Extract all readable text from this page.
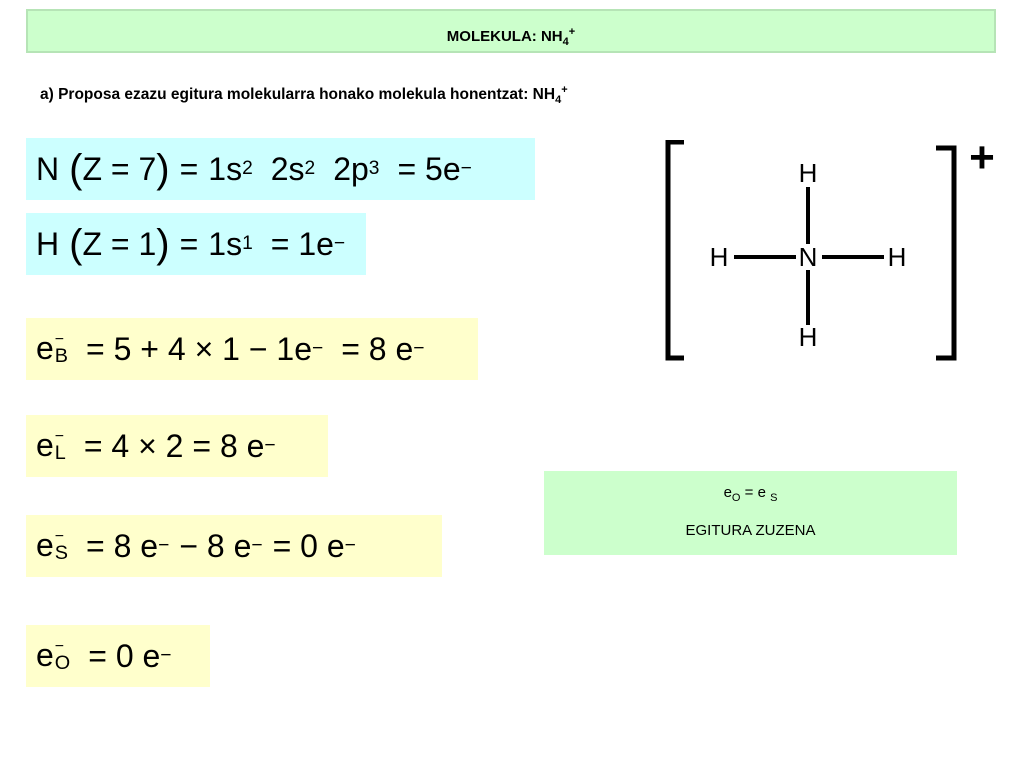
MOLEKULA: $NH_4^+$
a) Proposa ezazu egitura molekularra honako molekula honentzat: $NH_4^+$
N ( Z = 7 ) = 1s 2 2s 2 2p 3 = 5e −
H ( Z = 1 ) = 1s 1 = 1e −
e −
B = 5 + 4 × 1 − 1e − = 8 e −
e −
L = 4 × 2 = 8 e −
e −
S = 8 e − − 8 e − = 0 e −
e −
O = 0 e −
$e_O = e$ $_S$
EGITURA ZUZENA
H
N
H	H
H
+
